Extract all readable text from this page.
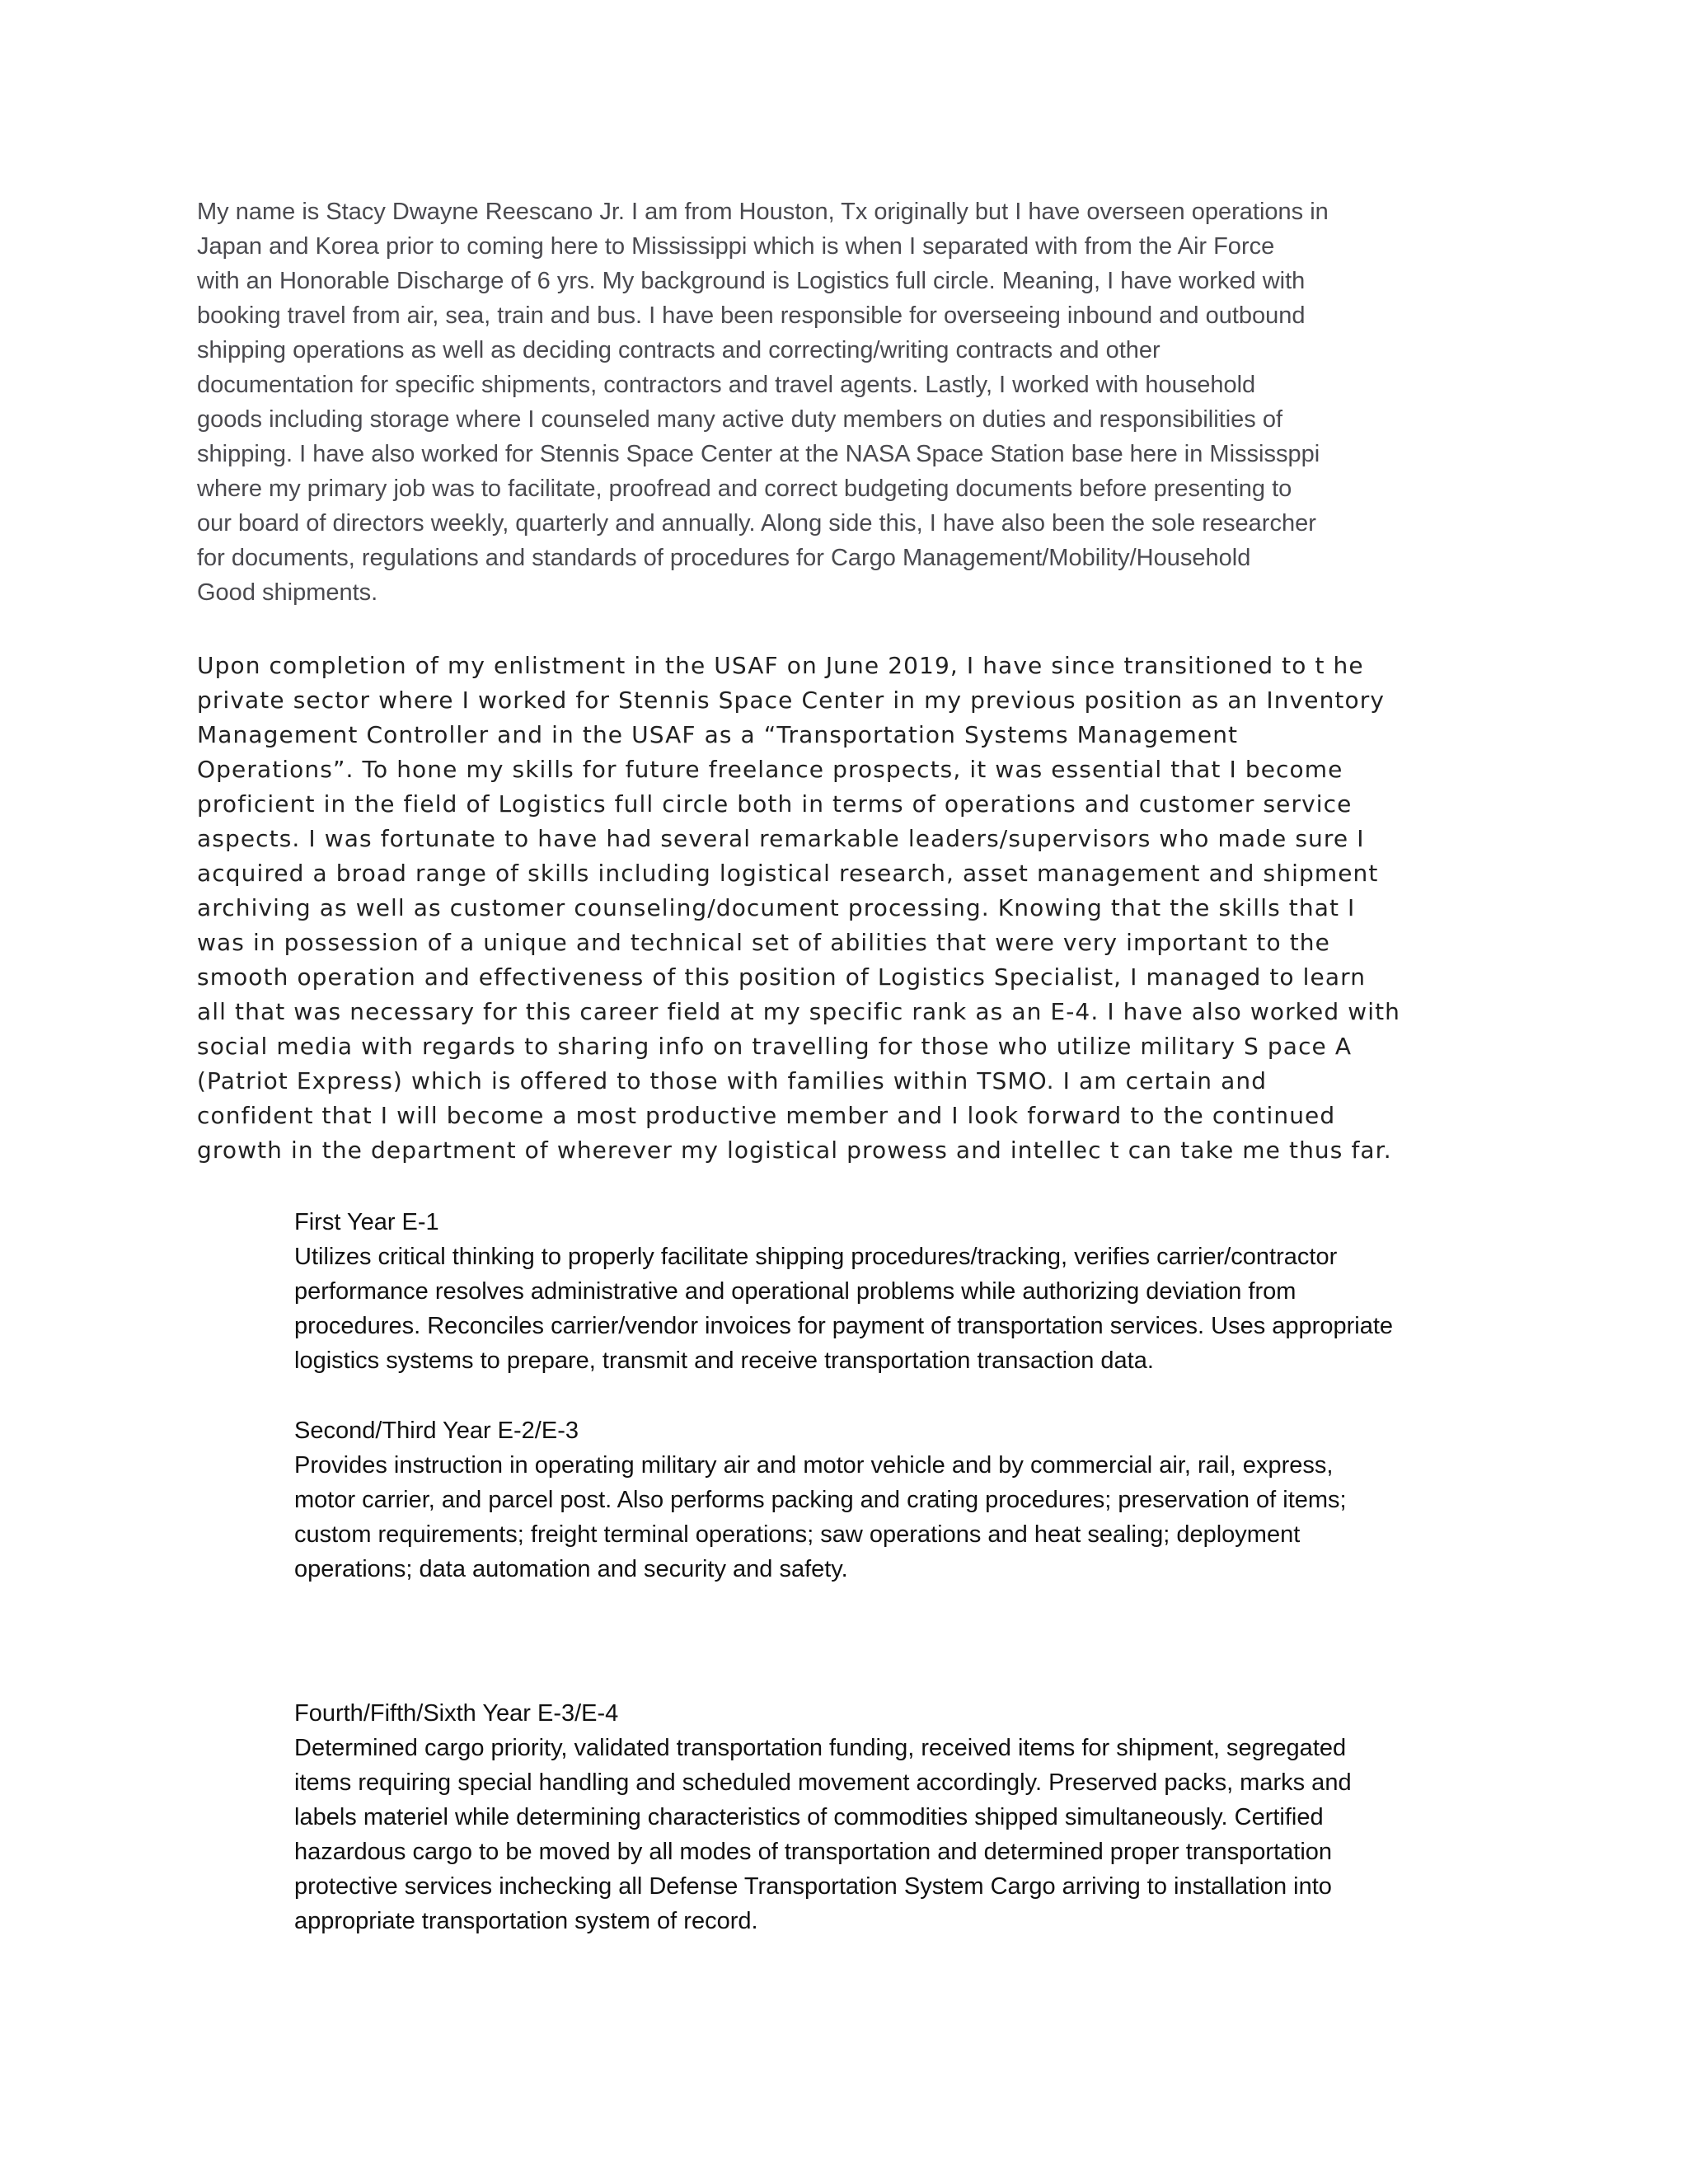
My name is Stacy Dwayne Reescano Jr. I am from Houston, Tx originally but I have overseen operations in
Japan and Korea prior to coming here to Mississippi which is when I separated with from the Air Force
with an Honorable Discharge of 6 yrs. My background is Logistics full circle. Meaning, I have worked with
booking travel from air, sea, train and bus. I have been responsible for overseeing inbound and outbound
shipping operations as well as deciding contracts and correcting/writing contracts and other
documentation for specific shipments, contractors and travel agents. Lastly, I worked with household
goods including storage where I counseled many active duty members on duties and responsibilities of
shipping. I have also worked for Stennis Space Center at the NASA Space Station base here in Mississppi
where my primary job was to facilitate, proofread and correct budgeting documents before presenting to
our board of directors weekly, quarterly and annually. Along side this, I have also been the sole researcher
for documents, regulations and standards of procedures for Cargo Management/Mobility/Household
Good shipments.

Upon completion of my enlistment in the USAF on June 2019, I have since transitioned to t he
private sector where I worked for Stennis Space Center in my previous position as an Inventory
Management Controller and in the USAF as a “Transportation Systems Management
Operations”. To hone my skills for future freelance prospects, it was essential that I become
proficient in the field of Logistics full circle both in terms of operations and customer service
aspects. I was fortunate to have had several remarkable leaders/supervisors who made sure I
acquired a broad range of skills including logistical research, asset management and shipment
archiving as well as customer counseling/document processing. Knowing that the skills that I
was in possession of a unique and technical set of abilities that were very important to the
smooth operation and effectiveness of this position of Logistics Specialist, I managed to learn
all that was necessary for this career field at my specific rank as an E-4. I have also worked with
social media with regards to sharing info on travelling for those who utilize military S pace A
(Patriot Express) which is offered to those with families within TSMO. I am certain and
confident that I will become a most productive member and I look forward to the continued
growth in the department of wherever my logistical prowess and intellec t can take me thus far.

First Year E-1

Utilizes critical thinking to properly facilitate shipping procedures/tracking, verifies carrier/contractor
performance resolves administrative and operational problems while authorizing deviation from
procedures. Reconciles carrier/vendor invoices for payment of transportation services. Uses appropriate
logistics systems to prepare, transmit and receive transportation transaction data.

Second/Third Year E-2/E-3

Provides instruction in operating military air and motor vehicle and by commercial air, rail, express,
motor carrier, and parcel post. Also performs packing and crating procedures; preservation of items;
custom requirements; freight terminal operations; saw operations and heat sealing; deployment
operations; data automation and security and safety.

Fourth/Fifth/Sixth Year E-3/E-4

Determined cargo priority, validated transportation funding, received items for shipment, segregated
items requiring special handling and scheduled movement accordingly. Preserved packs, marks and
labels materiel while determining characteristics of commodities shipped simultaneously. Certified
hazardous cargo to be moved by all modes of transportation and determined proper transportation
protective services inchecking all Defense Transportation System Cargo arriving to installation into
appropriate transportation system of record.
